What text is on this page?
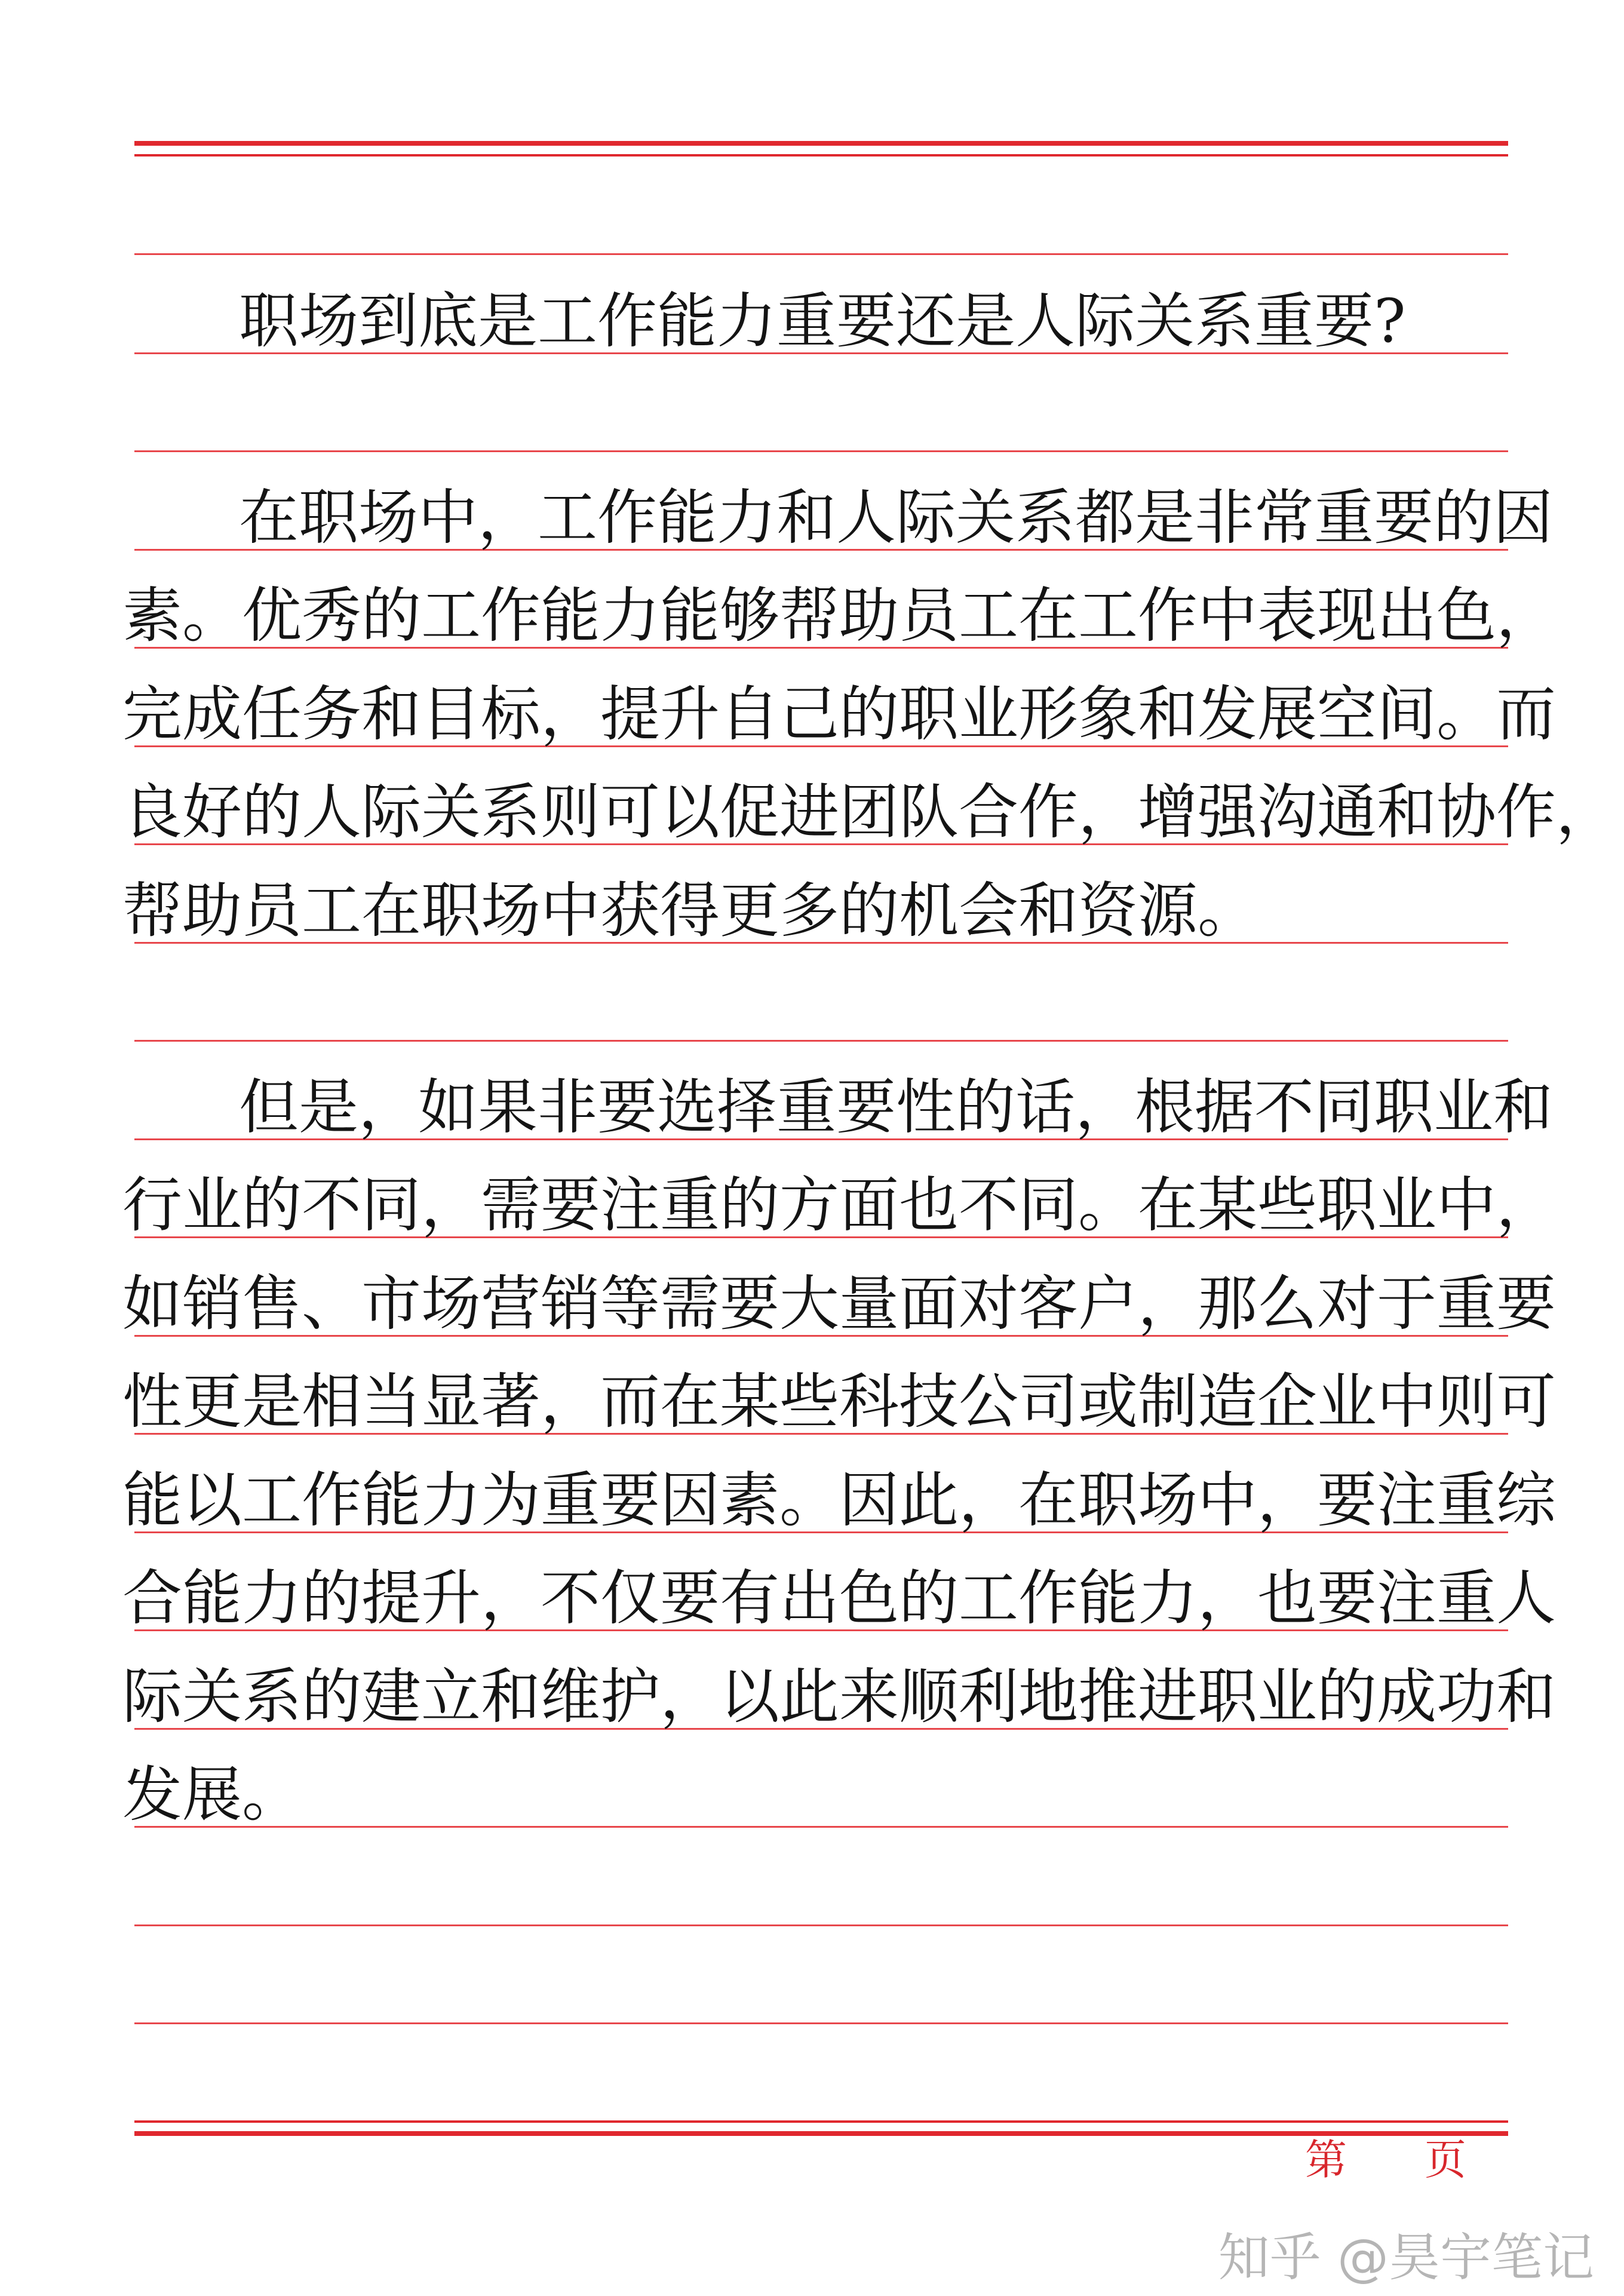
职场到底是工作能力重要还是人际关系重要?
在职场中，工作能力和人际关系都是非常重要的因
素。优秀的工作能力能够帮助员工在工作中表现出色，
完成任务和目标，提升自己的职业形象和发展空间。而
良好的人际关系则可以促进团队合作，增强沟通和协作，
帮助员工在职场中获得更多的机会和资源。
但是，如果非要选择重要性的话，根据不同职业和
行业的不同，需要注重的方面也不同。在某些职业中，
如销售、市场营销等需要大量面对客户，那么对于重要
性更是相当显著，而在某些科技公司或制造企业中则可
能以工作能力为重要因素。因此，在职场中，要注重综
合能力的提升，不仅要有出色的工作能力，也要注重人
际关系的建立和维护，以此来顺利地推进职业的成功和
发展。
第 页
知乎 @昊宇笔记
